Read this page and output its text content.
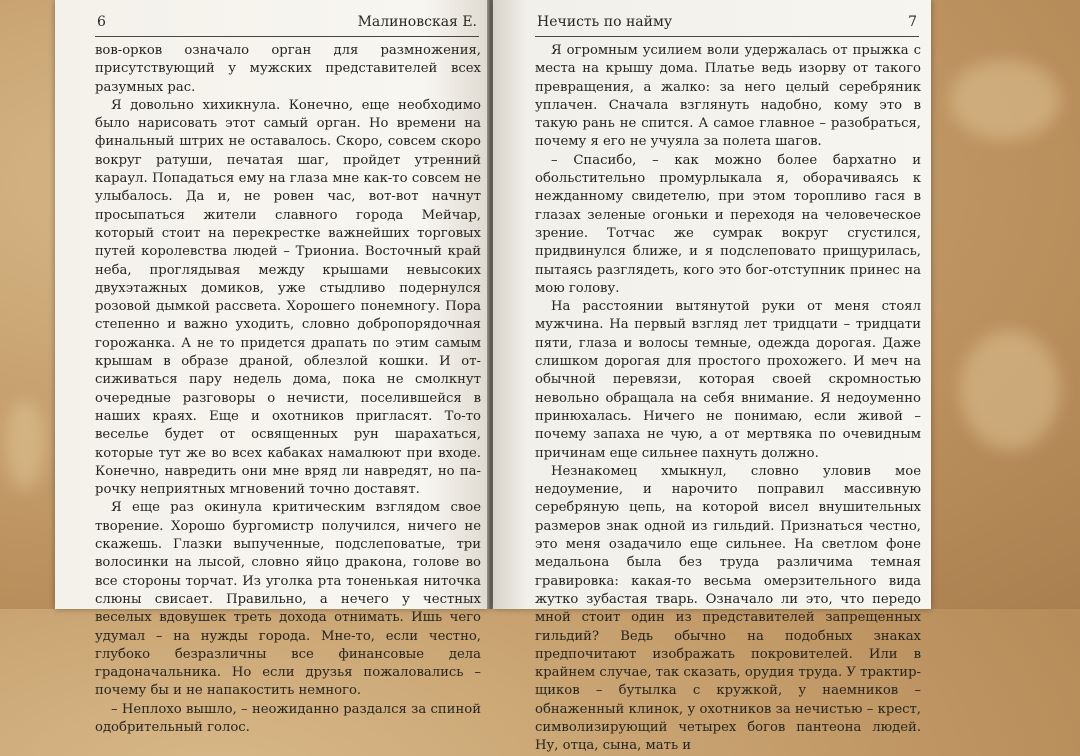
6	Малиновская Е.

вов-орков означало орган для размножения, присутствующий у мужских представителей всех разумных рас.

Я довольно хихикнула. Конечно, еще необходимо было нарисовать этот самый орган. Но времени на финальный штрих не оставалось. Скоро, совсем скоро вокруг ратуши, печатая шаг, пройдет утренний караул. Попадаться ему на глаза мне как-то совсем не улыбалось. Да и, не ровен час, вот-вот начнут просыпаться жители славного города Мейчар, который стоит на перекрестке важнейших торговых путей королевства людей – Триониа. Восточный край неба, проглядывая между крышами невысоких двухэтажных домиков, уже стыдливо подернулся розовой дымкой рассвета. Хорошего понемногу. Пора степенно и важно уходить, словно добропорядочная горожанка. А не то придется драпать по этим самым крышам в образе драной, облезлой кошки. И отсиживаться пару недель дома, пока не смолкнут очередные разговоры о нечисти, поселившейся в наших краях. Еще и охотников пригласят. То-то веселье будет от освященных рун шарахаться, которые тут же во всех кабаках намалюют при входе. Конечно, навредить они мне вряд ли навредят, но парочку неприятных мгновений точно доставят.

Я еще раз окинула критическим взглядом свое творение. Хорошо бургомистр получился, ничего не скажешь. Глазки выпученные, подслеповатые, три волосинки на лысой, словно яйцо дракона, голове во все стороны торчат. Из уголка рта тоненькая ниточка слюны свисает. Правильно, а нечего у честных веселых вдовушек треть дохода отнимать. Ишь чего удумал – на нужды города. Мне-то, если честно, глубоко безразличны все финансовые дела градоначальника. Но если друзья пожаловались – почему бы и не напакостить немного.

– Неплохо вышло, – неожиданно раздался за спиной одобрительный голос.

Нечисть по найму	7

Я огромным усилием воли удержалась от прыжка с места на крышу дома. Платье ведь изорву от такого превращения, а жалко: за него целый серебряник уплачен. Сначала взглянуть надобно, кому это в такую рань не спится. А самое главное – разобраться, почему я его не учуяла за полета шагов.

– Спасибо, – как можно более бархатно и обольстительно промурлыкала я, оборачиваясь к нежданному свидетелю, при этом торопливо гася в глазах зеленые огоньки и переходя на человеческое зрение. Тотчас же сумрак вокруг сгустился, придвинулся ближе, и я подслеповато прищурилась, пытаясь разглядеть, кого это бог-отступник принес на мою голову.

На расстоянии вытянутой руки от меня стоял мужчина. На первый взгляд лет тридцати – тридцати пяти, глаза и волосы темные, одежда дорогая. Даже слишком дорогая для простого прохожего. И меч на обычной перевязи, которая своей скромностью невольно обращала на себя внимание. Я недоуменно принюхалась. Ничего не понимаю, если живой – почему запаха не чую, а от мертвяка по очевидным причинам еще сильнее пахнуть должно.

Незнакомец хмыкнул, словно уловив мое недоумение, и нарочито поправил массивную серебряную цепь, на которой висел внушительных размеров знак одной из гильдий. Признаться честно, это меня озадачило еще сильнее. На светлом фоне медальона была без труда различима темная гравировка: какая-то весьма омерзительного вида жутко зубастая тварь. Означало ли это, что передо мной стоит один из представителей запрещенных гильдий? Ведь обычно на подобных знаках предпочитают изображать покровителей. Или в крайнем случае, так сказать, орудия труда. У трактирщиков – бутылка с кружкой, у наемников – обнаженный клинок, у охотников за нечистью – крест, символизирующий четырех богов пантеона людей. Ну, отца, сына, мать и
